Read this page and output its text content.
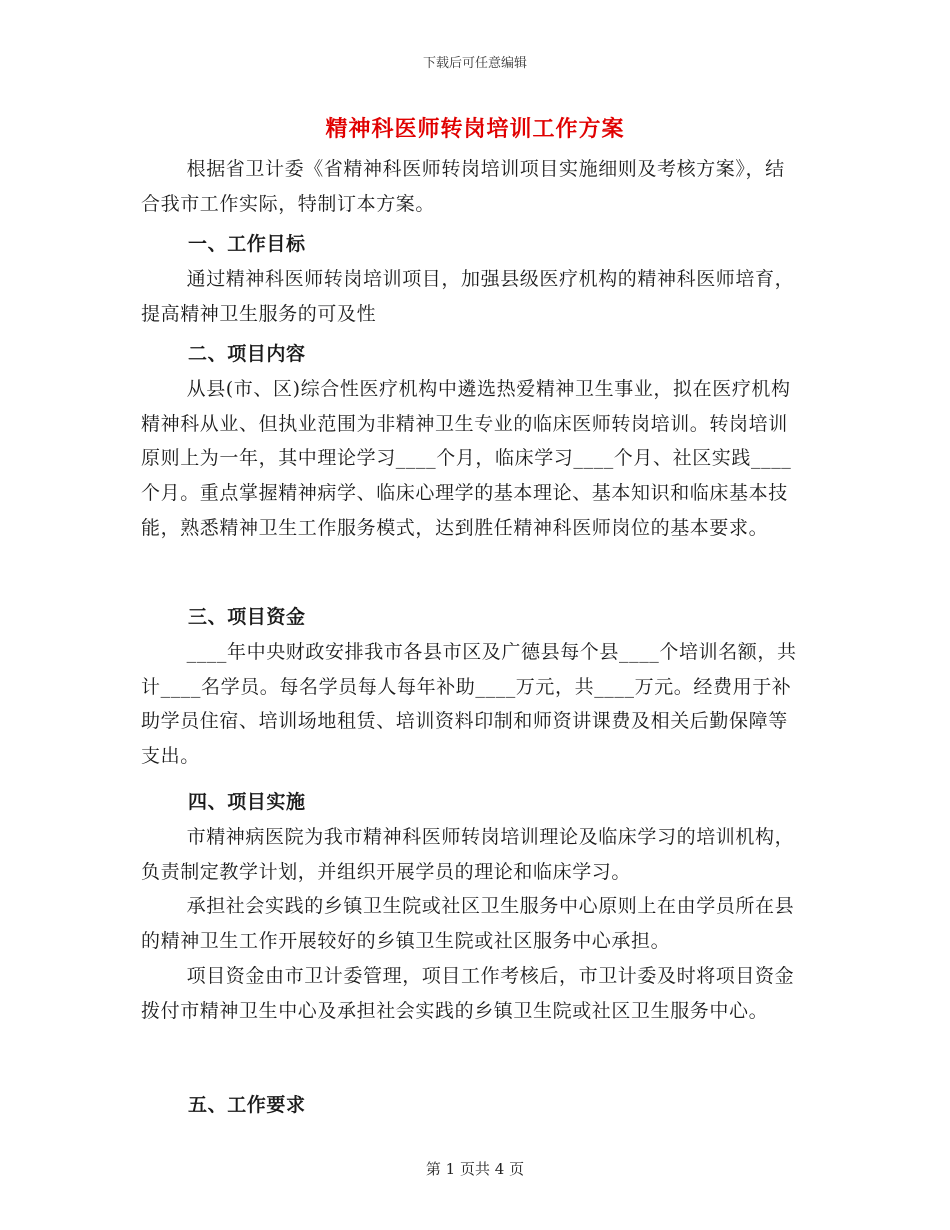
下载后可任意编辑
精神科医师转岗培训工作方案

根据省卫计委《省精神科医师转岗培训项目实施细则及考核方案》，结合我市工作实际，特制订本方案。

一、工作目标

通过精神科医师转岗培训项目，加强县级医疗机构的精神科医师培育，提高精神卫生服务的可及性

二、项目内容

从县(市、区)综合性医疗机构中遴选热爱精神卫生事业，拟在医疗机构精神科从业、但执业范围为非精神卫生专业的临床医师转岗培训。转岗培训原则上为一年，其中理论学习____个月，临床学习____个月、社区实践____个月。重点掌握精神病学、临床心理学的基本理论、基本知识和临床基本技能，熟悉精神卫生工作服务模式，达到胜任精神科医师岗位的基本要求。

三、项目资金

____年中央财政安排我市各县市区及广德县每个县____个培训名额，共计____名学员。每名学员每人每年补助____万元，共____万元。经费用于补助学员住宿、培训场地租赁、培训资料印制和师资讲课费及相关后勤保障等支出。

四、项目实施

市精神病医院为我市精神科医师转岗培训理论及临床学习的培训机构，负责制定教学计划，并组织开展学员的理论和临床学习。

承担社会实践的乡镇卫生院或社区卫生服务中心原则上在由学员所在县的精神卫生工作开展较好的乡镇卫生院或社区服务中心承担。

项目资金由市卫计委管理，项目工作考核后，市卫计委及时将项目资金拨付市精神卫生中心及承担社会实践的乡镇卫生院或社区卫生服务中心。

五、工作要求

第 1 页共 4 页
